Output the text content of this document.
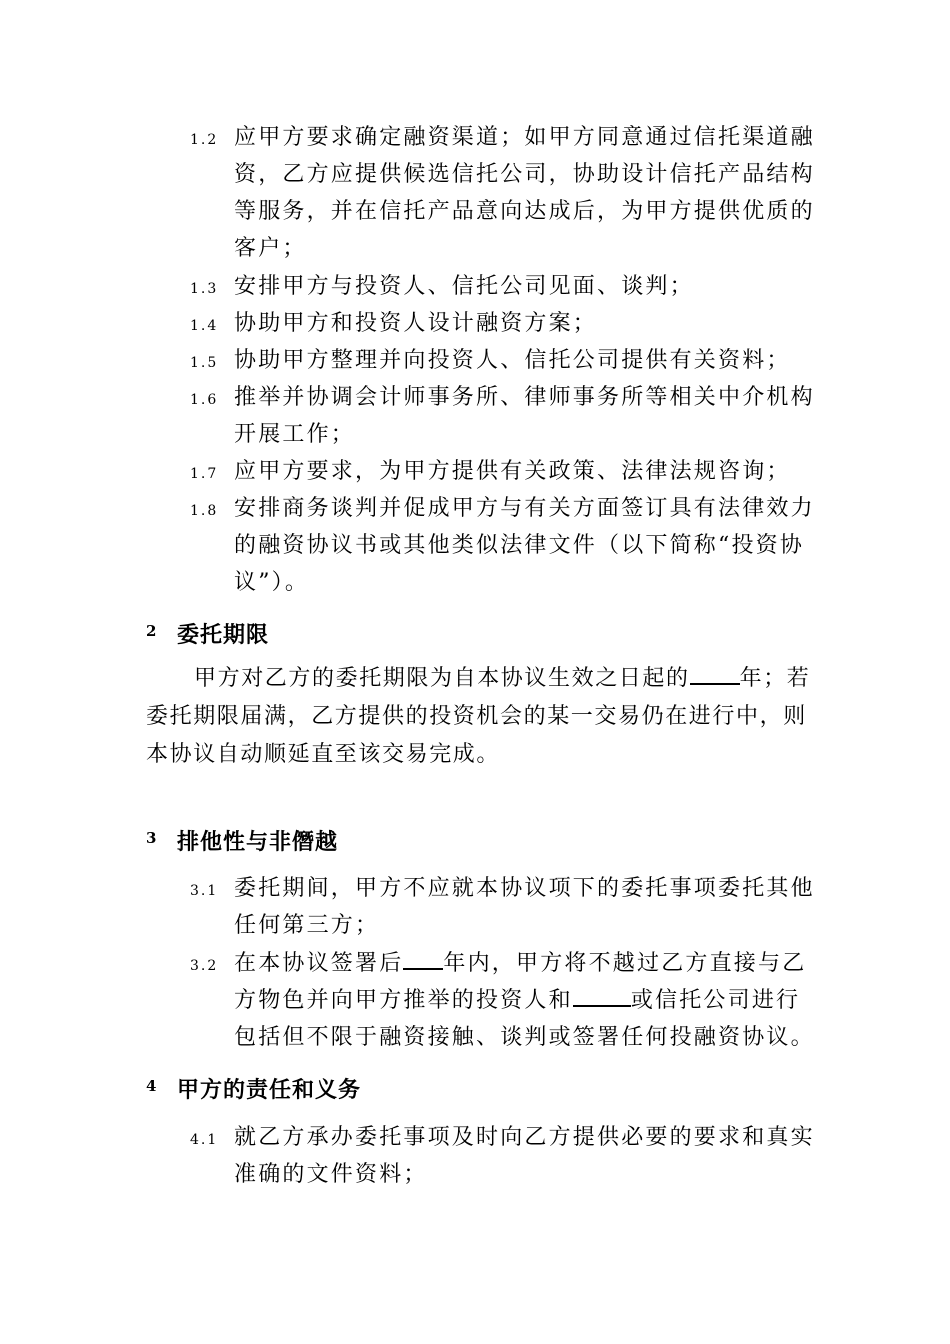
1.2 应甲方要求确定融资渠道；如甲方同意通过信托渠道融资，乙方应提供候选信托公司，协助设计信托产品结构等服务，并在信托产品意向达成后，为甲方提供优质的客户；
1.3 安排甲方与投资人、信托公司见面、谈判；
1.4 协助甲方和投资人设计融资方案；
1.5 协助甲方整理并向投资人、信托公司提供有关资料；
1.6 推举并协调会计师事务所、律师事务所等相关中介机构开展工作；
1.7 应甲方要求，为甲方提供有关政策、法律法规咨询；
1.8 安排商务谈判并促成甲方与有关方面签订具有法律效力的融资协议书或其他类似法律文件（以下简称“投资协议”）。
2 委托期限
甲方对乙方的委托期限为自本协议生效之日起的 年；若委托期限届满，乙方提供的投资机会的某一交易仍在进行中，则本协议自动顺延直至该交易完成。
3 排他性与非僭越
3.1 委托期间，甲方不应就本协议项下的委托事项委托其他任何第三方；
3.2 在本协议签署后 年内，甲方将不越过乙方直接与乙方物色并向甲方推举的投资人和	或信托公司进行包括但不限于融资接触、谈判或签署任何投融资协议。
4 甲方的责任和义务
4.1 就乙方承办委托事项及时向乙方提供必要的要求和真实准确的文件资料；
